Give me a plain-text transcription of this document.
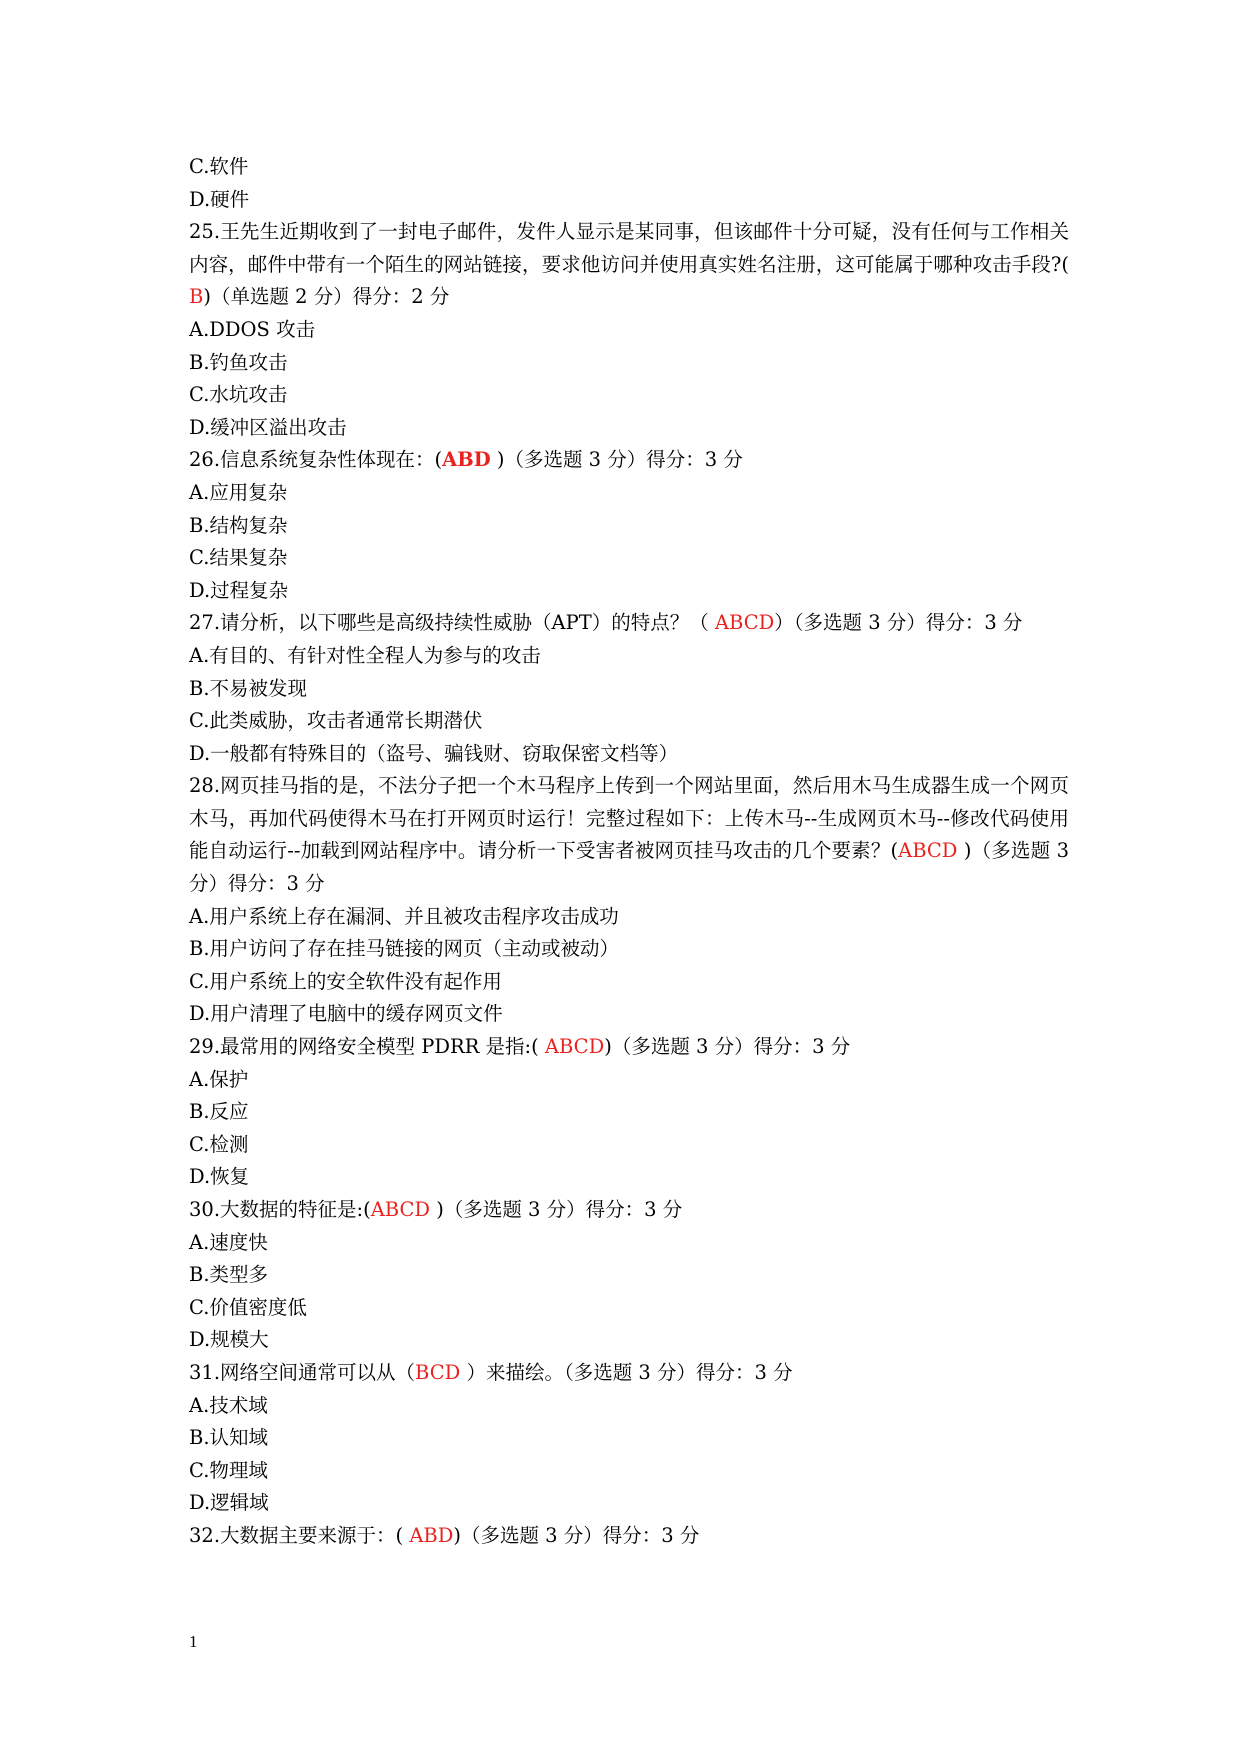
C.软件
D.硬件
25.王先生近期收到了一封电子邮件，发件人显示是某同事，但该邮件十分可疑，没有任何与工作相关内容，邮件中带有一个陌生的网站链接，要求他访问并使用真实姓名注册，这可能属于哪种攻击手段?( B)（单选题 2 分）得分：2 分
A.DDOS 攻击
B.钓鱼攻击
C.水坑攻击
D.缓冲区溢出攻击
26.信息系统复杂性体现在：(ABD )（多选题 3 分）得分：3 分
A.应用复杂
B.结构复杂
C.结果复杂
D.过程复杂
27.请分析，以下哪些是高级持续性威胁（APT）的特点？（ ABCD）（多选题 3 分）得分：3 分
A.有目的、有针对性全程人为参与的攻击
B.不易被发现
C.此类威胁，攻击者通常长期潜伏
D.一般都有特殊目的（盗号、骗钱财、窃取保密文档等）
28.网页挂马指的是，不法分子把一个木马程序上传到一个网站里面，然后用木马生成器生成一个网页木马，再加代码使得木马在打开网页时运行！完整过程如下：上传木马--生成网页木马--修改代码使用能自动运行--加载到网站程序中。请分析一下受害者被网页挂马攻击的几个要素？(ABCD )（多选题 3 分）得分：3 分
A.用户系统上存在漏洞、并且被攻击程序攻击成功
B.用户访问了存在挂马链接的网页（主动或被动）
C.用户系统上的安全软件没有起作用
D.用户清理了电脑中的缓存网页文件
29.最常用的网络安全模型 PDRR 是指:( ABCD)（多选题 3 分）得分：3 分
A.保护
B.反应
C.检测
D.恢复
30.大数据的特征是:(ABCD )（多选题 3 分）得分：3 分
A.速度快
B.类型多
C.价值密度低
D.规模大
31.网络空间通常可以从（BCD ）来描绘。（多选题 3 分）得分：3 分
A.技术域
B.认知域
C.物理域
D.逻辑域
32.大数据主要来源于：( ABD)（多选题 3 分）得分：3 分
1
